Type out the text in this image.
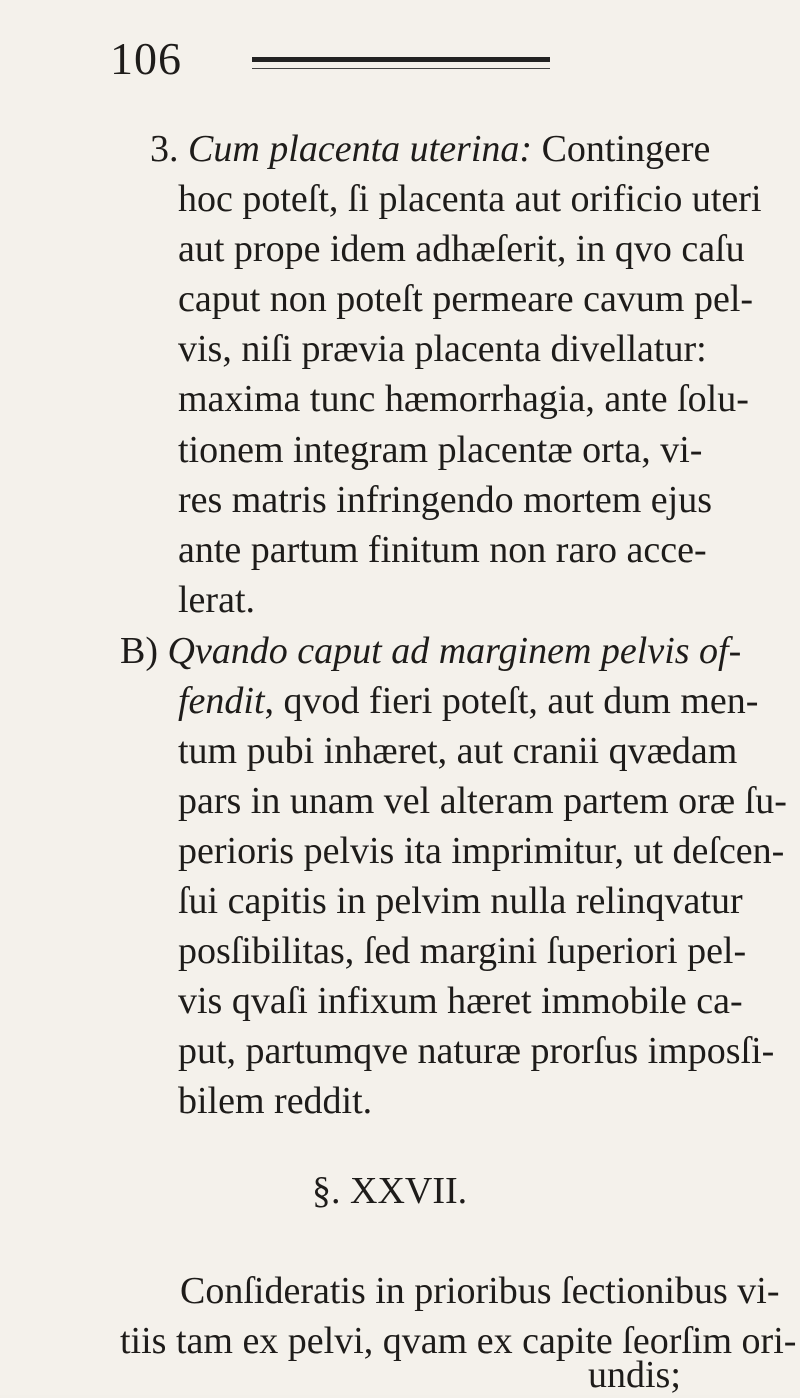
106
3. Cum placenta uterina: Contingere
hoc poteſt, ſi placenta aut orificio uteri
aut prope idem adhæſerit, in qvo caſu
caput non poteſt permeare cavum pel-
vis, niſi prævia placenta divellatur:
maxima tunc hæmorrhagia, ante ſolu-
tionem integram placentæ orta, vi-
res matris infringendo mortem ejus
ante partum finitum non raro acce-
lerat.
B) Qvando caput ad marginem pelvis of-
fendit, qvod fieri poteſt, aut dum men-
tum pubi inhæret, aut cranii qvædam
pars in unam vel alteram partem oræ ſu-
perioris pelvis ita imprimitur, ut deſcen-
ſui capitis in pelvim nulla relinqvatur
posſibilitas, ſed margini ſuperiori pel-
vis qvaſi infixum hæret immobile ca-
put, partumqve naturæ prorſus imposſi-
bilem reddit.
§. XXVII.
Conſideratis in prioribus ſectionibus vi-
tiis tam ex pelvi, qvam ex capite ſeorſim ori-
undis;
